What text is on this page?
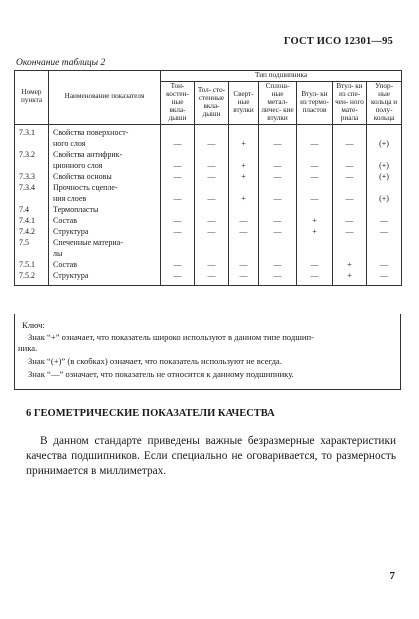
ГОСТ ИСО 12301—95
Окончание таблицы 2
Номер пункта	Наименование показателя	Тип подшипника						
		Тон- костен- ные вкла- дыши	Тол- сто- стенные вкла- дыши	Сверт- ные втулки	Сплош- ные метал- личес- кие втулки	Втул- ки из термо- пластов	Втул- ки из спе- чен- ного мате- риала	Упор- ные кольца и полу- кольца
7.3.1	Свойства поверхност-							
	ного слоя	—	—	+	—	—	—	(+)
7.3.2	Свойства антифрик-							
	ционного слоя	—	—	+	—	—	—	(+)
7.3.3	Свойства основы	—	—	+	—	—	—	(+)
7.3.4	Прочность сцепле-							
	ния слоев	—	—	+	—	—	—	(+)
7.4	Термопласты							
7.4.1	Состав	—	—	—	—	+	—	—
7.4.2	Структура	—	—	—	—	+	—	—
7.5	Спеченные материа-							
	лы							
7.5.1	Состав	—	—	—	—	—	+	—
7.5.2	Структура	—	—	—	—	—	+	—
Ключ:
Знак “+” означает, что показатель широко используют в данном типе подшип-
ника.
Знак “(+)” (в скобках) означает, что показатель используют не всегда.
Знак “—” означает, что показатель не относится к данному подшипнику.
6 ГЕОМЕТРИЧЕСКИЕ ПОКАЗАТЕЛИ КАЧЕСТВА
В данном стандарте приведены важные безразмерные характеристики качества подшипников. Если специально не оговаривается, то размерность принимается в миллиметрах.
7
